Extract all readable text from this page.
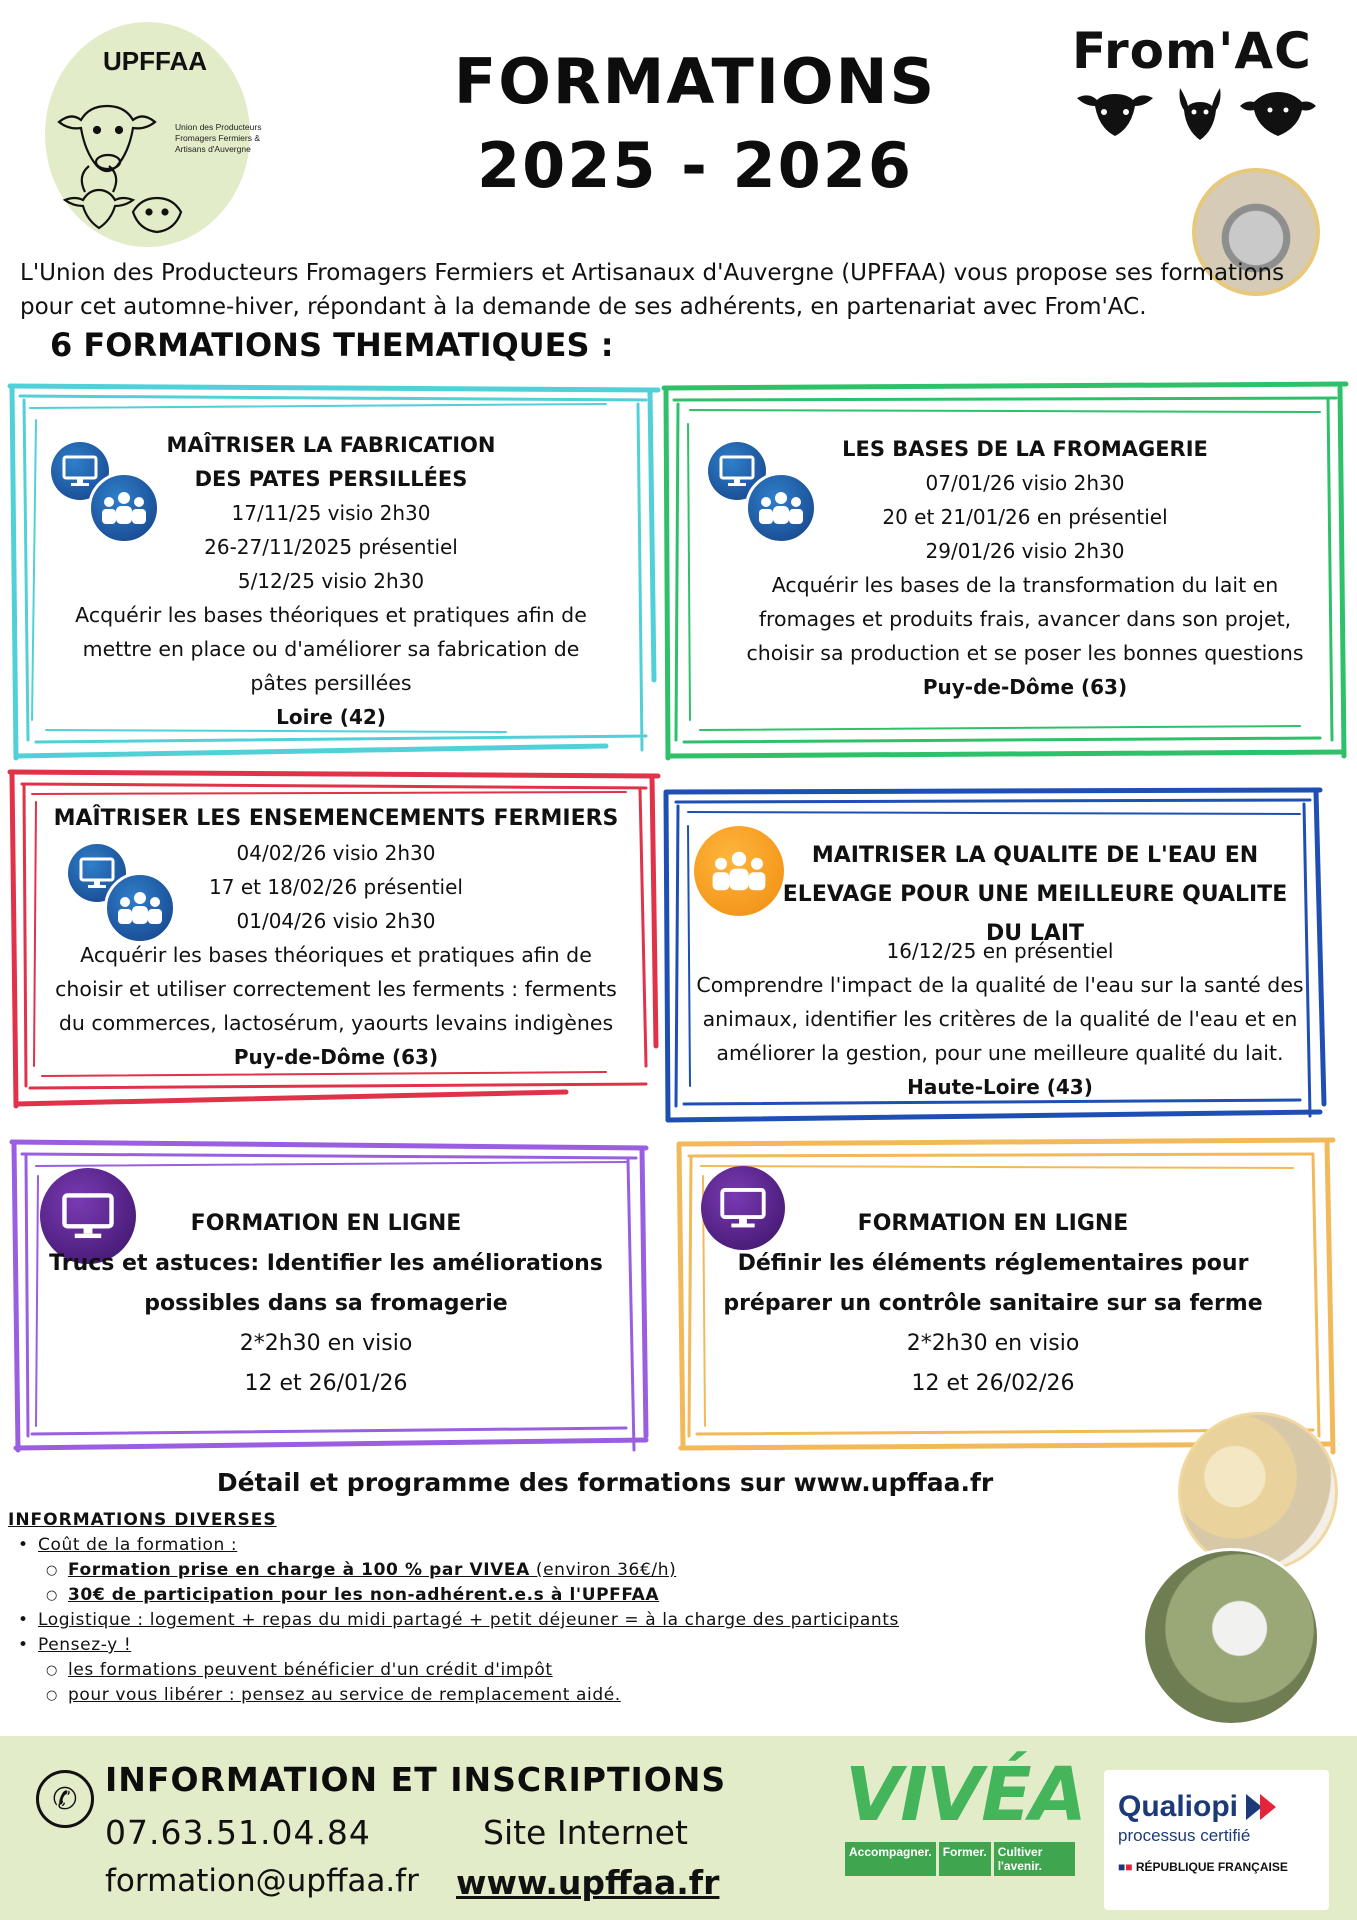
UPFFAA
Union des Producteurs
Fromagers Fermiers &
Artisans d'Auvergne
FORMATIONS
2025 - 2026
From'AC
L'Union des Producteurs Fromagers Fermiers et Artisanaux d'Auvergne (UPFFAA) vous propose ses formations pour cet automne-hiver, répondant à la demande de ses adhérents, en partenariat avec From'AC.
6 FORMATIONS THEMATIQUES :
MAÎTRISER LA FABRICATION
DES PATES PERSILLÉES
17/11/25 visio 2h30
26-27/11/2025 présentiel
5/12/25 visio 2h30
Acquérir les bases théoriques et pratiques afin de
mettre en place ou d'améliorer sa fabrication de
pâtes persillées
Loire (42)
LES BASES DE LA FROMAGERIE
07/01/26 visio 2h30
20 et 21/01/26 en présentiel
29/01/26 visio 2h30
Acquérir les bases de la transformation du lait en
fromages et produits frais, avancer dans son projet,
choisir sa production et se poser les bonnes questions
Puy-de-Dôme (63)
MAÎTRISER LES ENSEMENCEMENTS FERMIERS
04/02/26 visio 2h30
17 et 18/02/26 présentiel
01/04/26 visio 2h30
Acquérir les bases théoriques et pratiques afin de
choisir et utiliser correctement les ferments : ferments
du commerces, lactosérum, yaourts levains indigènes
Puy-de-Dôme (63)
MAITRISER LA QUALITE DE L'EAU EN
ELEVAGE POUR UNE MEILLEURE QUALITE
DU LAIT
16/12/25 en présentiel
Comprendre l'impact de la qualité de l'eau sur la santé des
animaux, identifier les critères de la qualité de l'eau et en
améliorer la gestion, pour une meilleure qualité du lait.
Haute-Loire (43)
FORMATION EN LIGNE
Trucs et astuces: Identifier les améliorations
possibles dans sa fromagerie
2*2h30 en visio
12 et 26/01/26
FORMATION EN LIGNE
Définir les éléments réglementaires pour
préparer un contrôle sanitaire sur sa ferme
2*2h30 en visio
12 et 26/02/26
Détail et programme des formations sur www.upffaa.fr
INFORMATIONS DIVERSES
• Coût de la formation :
○ Formation prise en charge à 100 % par VIVEA (environ 36€/h)
○ 30€ de participation pour les non-adhérent.e.s à l'UPFFAA
• Logistique : logement + repas du midi partagé + petit déjeuner = à la charge des participants
• Pensez-y !
○ les formations peuvent bénéficier d'un crédit d'impôt
○ pour vous libérer : pensez au service de remplacement aidé.
✆ INFORMATION ET INSCRIPTIONS
07.63.51.04.84
formation@upffaa.fr
Site Internet
www.upffaa.fr
VIVÉA
Accompagner. Former. Cultiver l'avenir.
Qualiopi
processus certifié
■■ RÉPUBLIQUE FRANÇAISE
